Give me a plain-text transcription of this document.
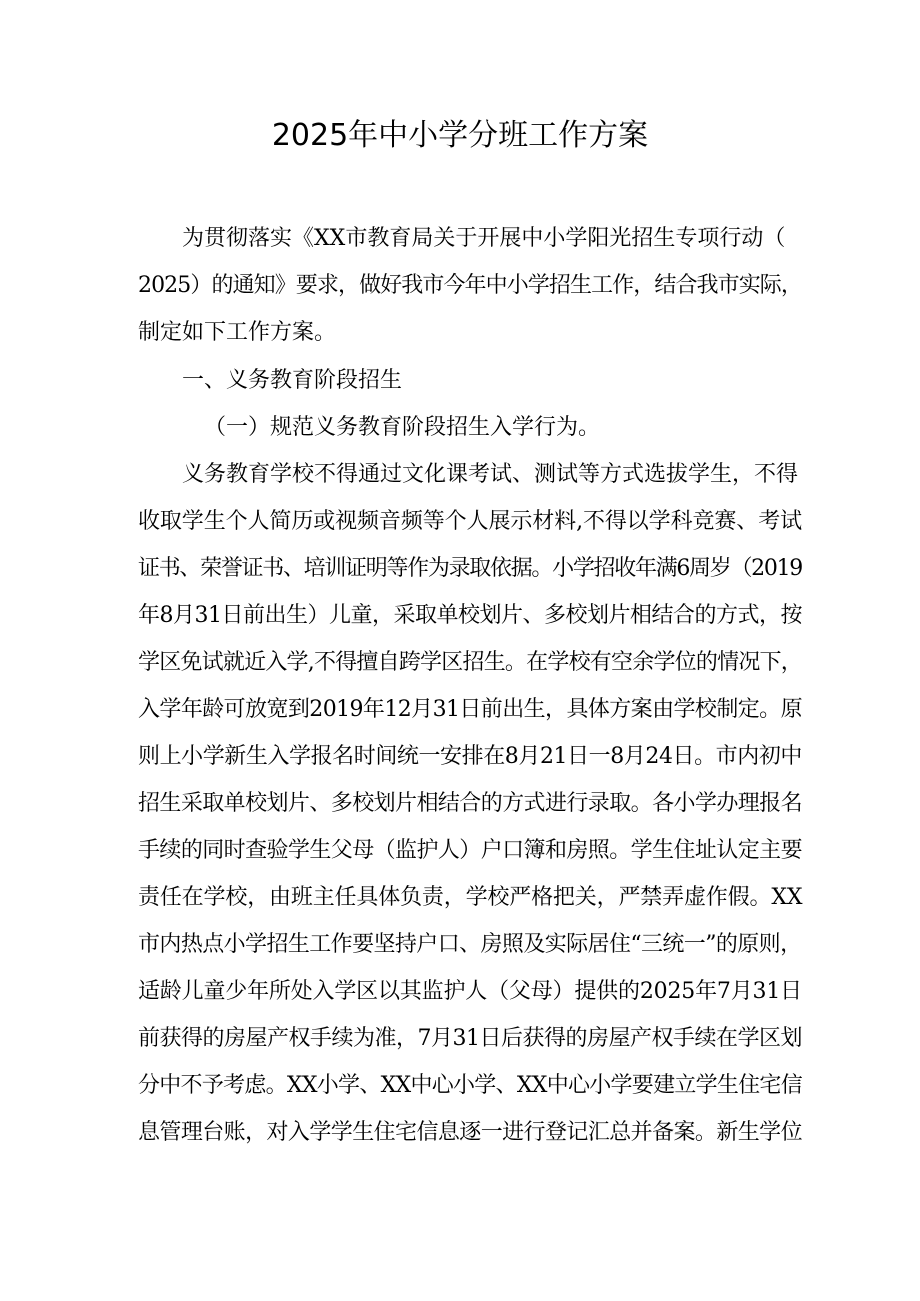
2025年中小学分班工作方案
为贯彻落实《XX市教育局关于开展中小学阳光招生专项行动（
2025）的通知》要求，做好我市今年中小学招生工作，结合我市实际，
制定如下工作方案。
一、义务教育阶段招生
（一）规范义务教育阶段招生入学行为。
义务教育学校不得通过文化课考试、测试等方式选拔学生，不得
收取学生个人简历或视频音频等个人展示材料,不得以学科竞赛、考试
证书、荣誉证书、培训证明等作为录取依据。小学招收年满6周岁（2019
年8月31日前出生）儿童，采取单校划片、多校划片相结合的方式，按
学区免试就近入学,不得擅自跨学区招生。在学校有空余学位的情况下，
入学年龄可放宽到2019年12月31日前出生，具体方案由学校制定。原
则上小学新生入学报名时间统一安排在8月21日一8月24日。市内初中
招生采取单校划片、多校划片相结合的方式进行录取。各小学办理报名
手续的同时查验学生父母（监护人）户口簿和房照。学生住址认定主要
责任在学校，由班主任具体负责，学校严格把关，严禁弄虚作假。XX
市内热点小学招生工作要坚持户口、房照及实际居住“三统一”的原则，
适龄儿童少年所处入学区以其监护人（父母）提供的2025年7月31日
前获得的房屋产权手续为准，7月31日后获得的房屋产权手续在学区划
分中不予考虑。XX小学、XX中心小学、XX中心小学要建立学生住宅信
息管理台账，对入学学生住宅信息逐一进行登记汇总并备案。新生学位
